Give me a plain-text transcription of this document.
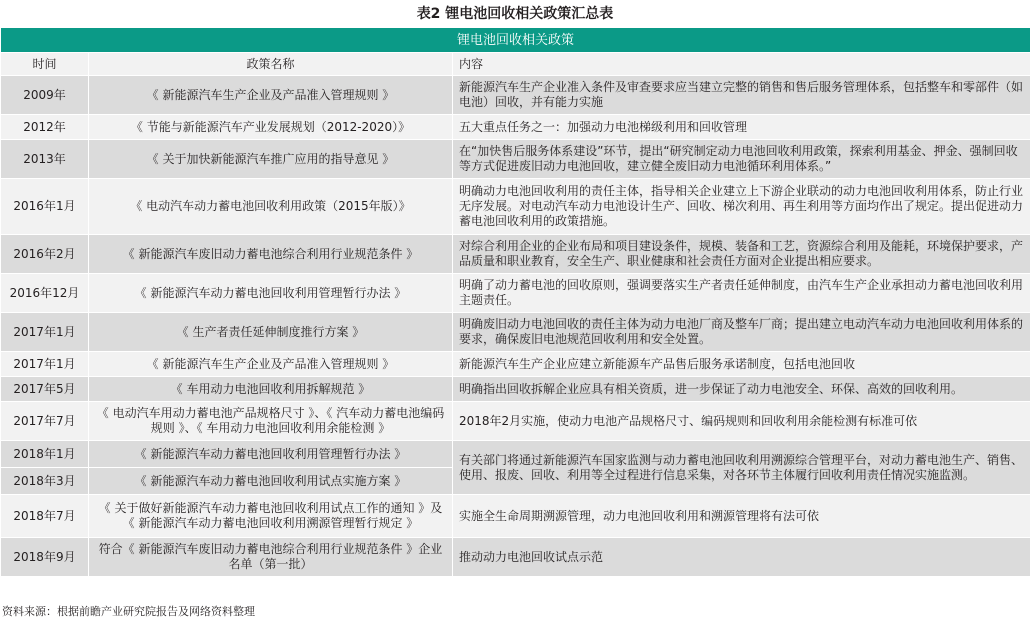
表2 锂电池回收相关政策汇总表
锂电池回收相关政策		
时间	政策名称	内容
2009年	《 新能源汽车生产企业及产品准入管理规则 》	新能源汽车生产企业准入条件及审查要求应当建立完整的销售和售后服务管理体系，包括整车和零部件（如电池）回收，并有能力实施
2012年	《 节能与新能源汽车产业发展规划（2012-2020）》	五大重点任务之一：加强动力电池梯级利用和回收管理
2013年	《 关于加快新能源汽车推广应用的指导意见 》	在“加快售后服务体系建设”环节，提出“研究制定动力电池回收利用政策，探索利用基金、押金、强制回收等方式促进废旧动力电池回收，建立健全废旧动力电池循环利用体系。”
2016年1月	《 电动汽车动力蓄电池回收利用政策（2015年版）》	明确动力电池回收利用的责任主体，指导相关企业建立上下游企业联动的动力电池回收利用体系，防止行业无序发展。对电动汽车动力电池设计生产、回收、梯次利用、再生利用等方面均作出了规定。提出促进动力蓄电池回收利用的政策措施。
2016年2月	《 新能源汽车废旧动力蓄电池综合利用行业规范条件 》	对综合利用企业的企业布局和项目建设条件，规模、装备和工艺，资源综合利用及能耗，环境保护要求，产品质量和职业教育，安全生产、职业健康和社会责任方面对企业提出相应要求。
2016年12月	《 新能源汽车动力蓄电池回收利用管理暂行办法 》	明确了动力蓄电池的回收原则，强调要落实生产者责任延伸制度，由汽车生产企业承担动力蓄电池回收利用主题责任。
2017年1月	《 生产者责任延伸制度推行方案 》	明确废旧动力电池回收的责任主体为动力电池厂商及整车厂商；提出建立电动汽车动力电池回收利用体系的要求，确保废旧电池规范回收利用和安全处置。
2017年1月	《 新能源汽车生产企业及产品准入管理规则 》	新能源汽车生产企业应建立新能源车产品售后服务承诺制度，包括电池回收
2017年5月	《 车用动力电池回收利用拆解规范 》	明确指出回收拆解企业应具有相关资质，进一步保证了动力电池安全、环保、高效的回收利用。
2017年7月	《 电动汽车用动力蓄电池产品规格尺寸 》、《 汽车动力蓄电池编码规则 》、《 车用动力电池回收利用余能检测 》	2018年2月实施，使动力电池产品规格尺寸、编码规则和回收利用余能检测有标准可依
2018年1月	《 新能源汽车动力蓄电池回收利用管理暂行办法 》	有关部门将通过新能源汽车国家监测与动力蓄电池回收利用溯源综合管理平台，对动力蓄电池生产、销售、使用、报废、回收、利用等全过程进行信息采集，对各环节主体履行回收利用责任情况实施监测。
2018年3月	《 新能源汽车动力蓄电池回收利用试点实施方案 》	
2018年7月	《 关于做好新能源汽车动力蓄电池回收利用试点工作的通知 》及《 新能源汽车动力蓄电池回收利用溯源管理暂行规定 》	实施全生命周期溯源管理，动力电池回收利用和溯源管理将有法可依
2018年9月	符合《 新能源汽车废旧动力蓄电池综合利用行业规范条件 》企业名单（第一批）	推动动力电池回收试点示范
资料来源：根据前瞻产业研究院报告及网络资料整理
